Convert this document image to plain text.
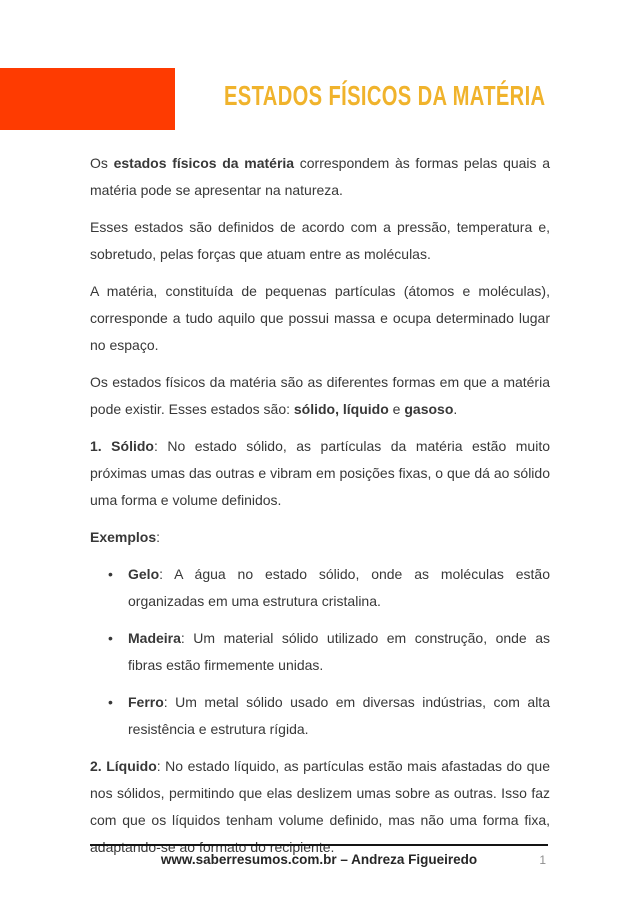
ESTADOS FÍSICOS DA MATÉRIA

Os estados físicos da matéria correspondem às formas pelas quais a matéria pode se apresentar na natureza.

Esses estados são definidos de acordo com a pressão, temperatura e, sobretudo, pelas forças que atuam entre as moléculas.

A matéria, constituída de pequenas partículas (átomos e moléculas), corresponde a tudo aquilo que possui massa e ocupa determinado lugar no espaço.

Os estados físicos da matéria são as diferentes formas em que a matéria pode existir. Esses estados são: sólido, líquido e gasoso.

1. Sólido: No estado sólido, as partículas da matéria estão muito próximas umas das outras e vibram em posições fixas, o que dá ao sólido uma forma e volume definidos.

Exemplos:

• Gelo: A água no estado sólido, onde as moléculas estão organizadas em uma estrutura cristalina.
• Madeira: Um material sólido utilizado em construção, onde as fibras estão firmemente unidas.
• Ferro: Um metal sólido usado em diversas indústrias, com alta resistência e estrutura rígida.

2. Líquido: No estado líquido, as partículas estão mais afastadas do que nos sólidos, permitindo que elas deslizem umas sobre as outras. Isso faz com que os líquidos tenham volume definido, mas não uma forma fixa, adaptando-se ao formato do recipiente.

www.saberresumos.com.br – Andreza Figueiredo	1
